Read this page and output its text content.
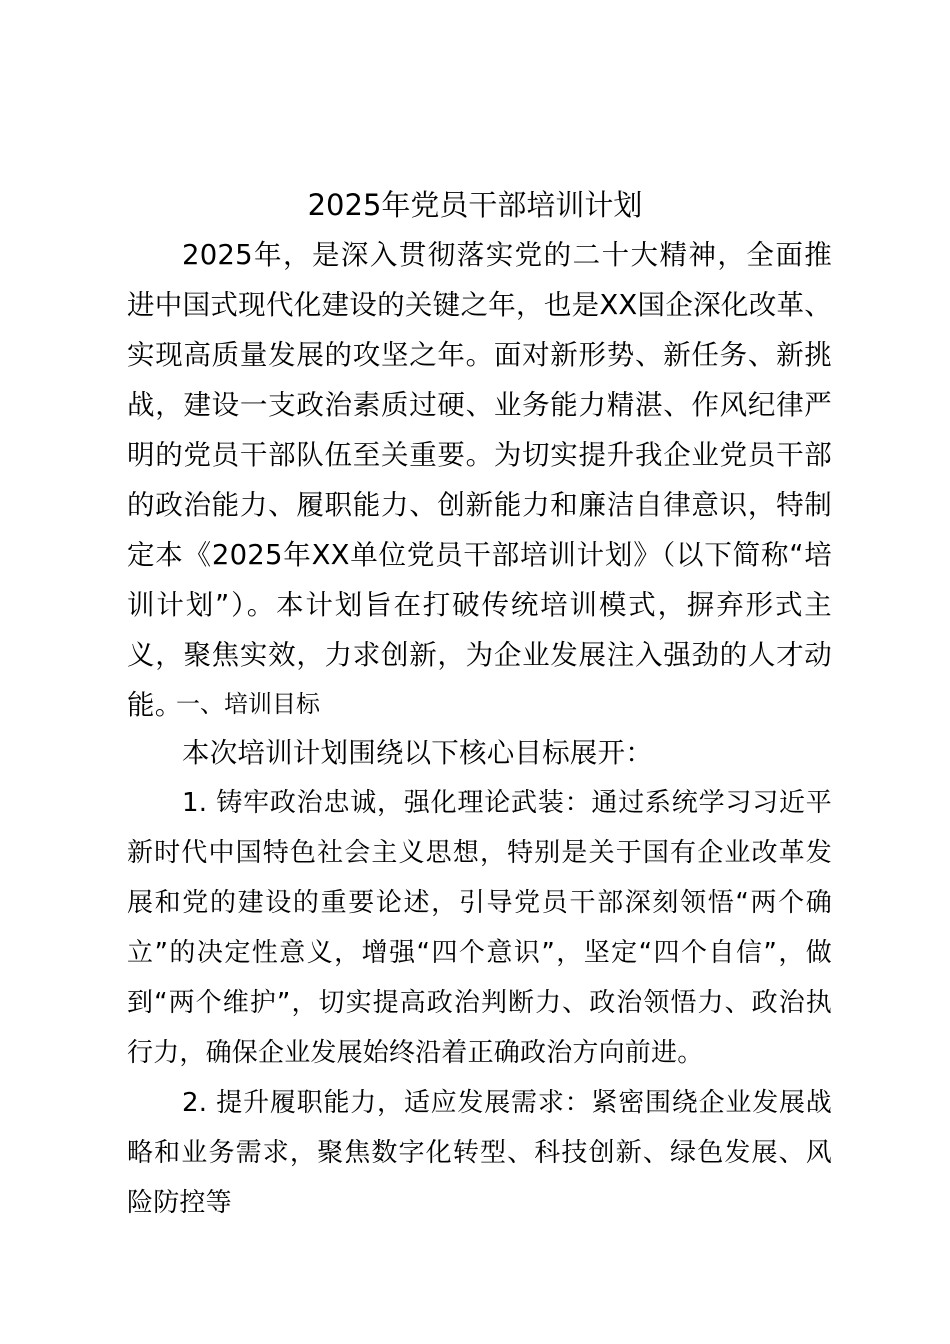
2025年党员干部培训计划

2025年，是深入贯彻落实党的二十大精神，全面推进中国式现代化建设的关键之年，也是XX国企深化改革、实现高质量发展的攻坚之年。面对新形势、新任务、新挑战，建设一支政治素质过硬、业务能力精湛、作风纪律严明的党员干部队伍至关重要。为切实提升我企业党员干部的政治能力、履职能力、创新能力和廉洁自律意识，特制定本《2025年XX单位党员干部培训计划》（以下简称“培训计划”）。本计划旨在打破传统培训模式，摒弃形式主义，聚焦实效，力求创新，为企业发展注入强劲的人才动能。

一、培训目标

本次培训计划围绕以下核心目标展开：

1. 铸牢政治忠诚，强化理论武装：通过系统学习习近平新时代中国特色社会主义思想，特别是关于国有企业改革发展和党的建设的重要论述，引导党员干部深刻领悟“两个确立”的决定性意义，增强“四个意识”，坚定“四个自信”，做到“两个维护”，切实提高政治判断力、政治领悟力、政治执行力，确保企业发展始终沿着正确政治方向前进。

2. 提升履职能力，适应发展需求：紧密围绕企业发展战略和业务需求，聚焦数字化转型、科技创新、绿色发展、风险防控等
